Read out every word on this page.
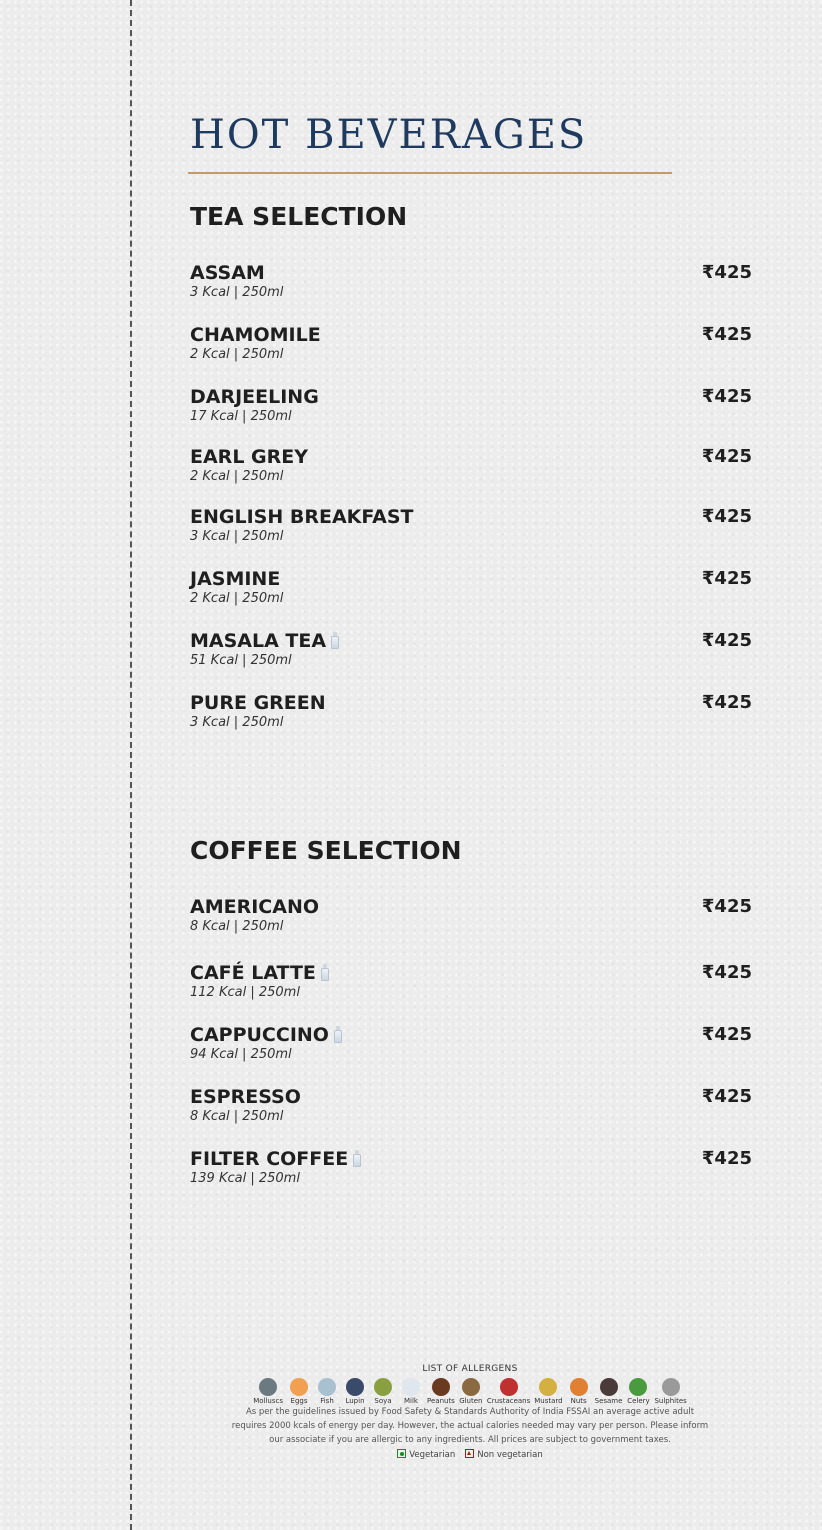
HOT BEVERAGES
TEA SELECTION
ASSAM
3 Kcal | 250ml
₹425
CHAMOMILE
2 Kcal | 250ml
₹425
DARJEELING
17 Kcal | 250ml
₹425
EARL GREY
2 Kcal | 250ml
₹425
ENGLISH BREAKFAST
3 Kcal | 250ml
₹425
JASMINE
2 Kcal | 250ml
₹425
MASALA TEA
51 Kcal | 250ml
₹425
PURE GREEN
3 Kcal | 250ml
₹425
COFFEE SELECTION
AMERICANO
8 Kcal | 250ml
₹425
CAFÉ LATTE
112 Kcal | 250ml
₹425
CAPPUCCINO
94 Kcal | 250ml
₹425
ESPRESSO
8 Kcal | 250ml
₹425
FILTER COFFEE
139 Kcal | 250ml
₹425
LIST OF ALLERGENS
Molluscs Eggs Fish Lupin Soya Milk Peanuts Gluten Crustaceans Mustard Nuts Sesame Celery Sulphites
As per the guidelines issued by Food Safety & Standards Authority of India FSSAI an average active adult
requires 2000 kcals of energy per day. However, the actual calories needed may vary per person. Please inform
our associate if you are allergic to any ingredients. All prices are subject to government taxes.
Vegetarian	Non vegetarian
